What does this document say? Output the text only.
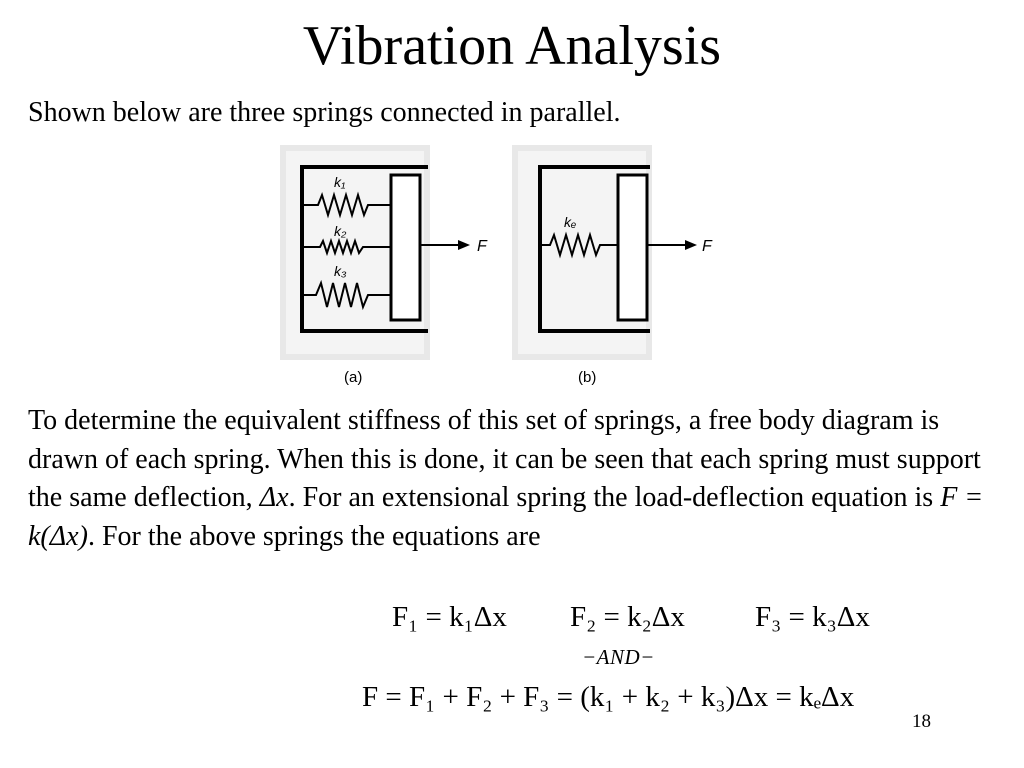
Vibration Analysis
Shown below are three springs connected in parallel.
F
k₁
k₂
k₃
(a)
F
kₑ
(b)
To determine the equivalent stiffness of this set of springs, a free body diagram is drawn of each spring. When this is done, it can be seen that each spring must support the same deflection, Δx. For an extensional spring the load-deflection equation is F = k(Δx). For the above springs the equations are
F₁ = k₁Δx F₂ = k₂Δx F₃ = k₃Δx
−AND−
F = F₁ + F₂ + F₃ = (k₁ + k₂ + k₃)Δx = kₑΔx
18
